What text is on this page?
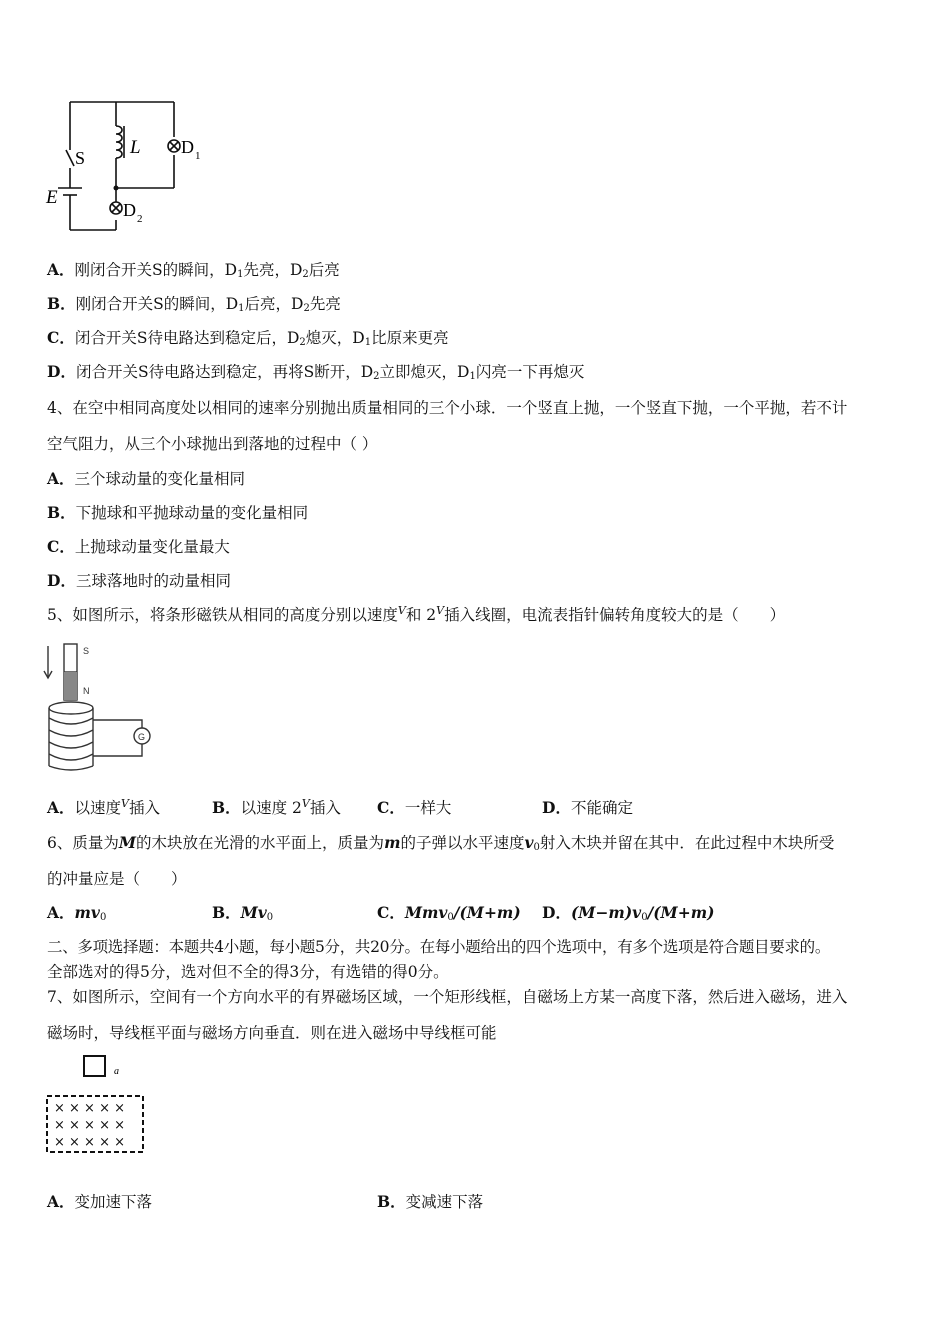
S L
E
D 1
D 2
A．刚闭合开关S的瞬间，$D_1$先亮，$D_2$后亮
B．刚闭合开关S的瞬间，$D_1$后亮，$D_2$先亮
C．闭合开关S待电路达到稳定后，$D_2$熄灭，$D_1$比原来更亮
D．闭合开关S待电路达到稳定，再将S断开，$D_2$立即熄灭，$D_1$闪亮一下再熄灭
4、在空中相同高度处以相同的速率分别抛出质量相同的三个小球．一个竖直上抛，一个竖直下抛，一个平抛，若不计
空气阻力，从三个小球抛出到落地的过程中（ ）
A．三个球动量的变化量相同
B．下抛球和平抛球动量的变化量相同
C．上抛球动量变化量最大
D．三球落地时的动量相同
5、如图所示，将条形磁铁从相同的高度分别以速度$^V$和 $2^V$插入线圈，电流表指针偏转角度较大的是（　　）
S
N
G
A．以速度$^V$插入	B．以速度 $2^V$插入 C．一样大	D．不能确定
6、质量为M的木块放在光滑的水平面上，质量为m的子弹以水平速度$v_0$射入木块并留在其中．在此过程中木块所受
的冲量应是（　　）
A．$mv_0$	B．$Mv_0$	C．Mmv$_0$/(M+m) D．$(M-m)v_0/(M+m)$
二、多项选择题：本题共4小题，每小题5分，共20分。在每小题给出的四个选项中，有多个选项是符合题目要求的。
全部选对的得5分，选对但不全的得3分，有选错的得0分。
7、如图所示，空间有一个方向水平的有界磁场区域，一个矩形线框，自磁场上方某一高度下落，然后进入磁场，进入
磁场时，导线框平面与磁场方向垂直．则在进入磁场中导线框可能
a
× × × × ×
× × × × ×
× × × × ×
A．变加速下落	B．变减速下落
